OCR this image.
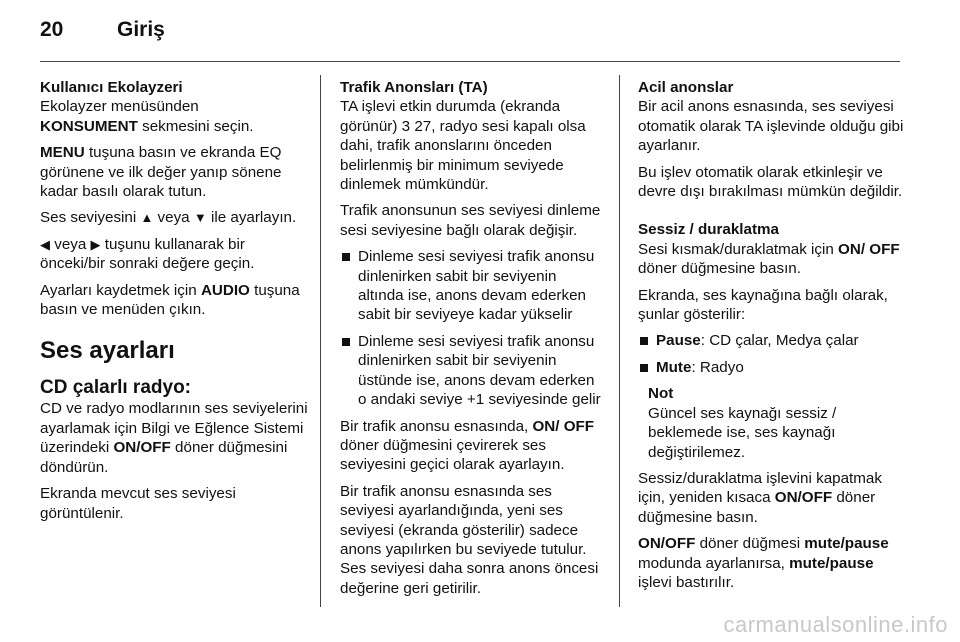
20	Giriş

Kullanıcı Ekolayzeri

Ekolayzer menüsünden
KONSUMENT sekmesini seçin.

MENU tuşuna basın ve ekranda EQ görünene ve ilk değer yanıp sönene kadar basılı olarak tutun.

Ses seviyesini ▲ veya ▼ ile ayarlayın.

◀ veya ▶ tuşunu kullanarak bir önceki/bir sonraki değere geçin.

Ayarları kaydetmek için AUDIO tuşuna basın ve menüden çıkın.

Ses ayarları
CD çalarlı radyo:

CD ve radyo modlarının ses seviyelerini ayarlamak için Bilgi ve Eğlence Sistemi üzerindeki ON/OFF döner düğmesini döndürün.

Ekranda mevcut ses seviyesi görüntülenir.

Trafik Anonsları (TA)

TA işlevi etkin durumda (ekranda görünür) 3 27, radyo sesi kapalı olsa dahi, trafik anonslarını önceden belirlenmiş bir minimum seviyede dinlemek mümkündür.

Trafik anonsunun ses seviyesi dinleme sesi seviyesine bağlı olarak değişir.

Dinleme sesi seviyesi trafik anonsu dinlenirken sabit bir seviyenin altında ise, anons devam ederken sabit bir seviyeye kadar yükselir
Dinleme sesi seviyesi trafik anonsu dinlenirken sabit bir seviyenin üstünde ise, anons devam ederken o andaki seviye +1 seviyesinde gelir

Bir trafik anonsu esnasında, ON/ OFF döner düğmesini çevirerek ses seviyesini geçici olarak ayarlayın.

Bir trafik anonsu esnasında ses seviyesi ayarlandığında, yeni ses seviyesi (ekranda gösterilir) sadece anons yapılırken bu seviyede tutulur. Ses seviyesi daha sonra anons öncesi değerine geri getirilir.

Acil anonslar

Bir acil anons esnasında, ses seviyesi otomatik olarak TA işlevinde olduğu gibi ayarlanır.

Bu işlev otomatik olarak etkinleşir ve devre dışı bırakılması mümkün değildir.

Sessiz / duraklatma

Sesi kısmak/duraklatmak için ON/ OFF döner düğmesine basın.

Ekranda, ses kaynağına bağlı olarak, şunlar gösterilir:

Pause: CD çalar, Medya çalar
Mute: Radyo

Not

Güncel ses kaynağı sessiz / beklemede ise, ses kaynağı değiştirilemez.

Sessiz/duraklatma işlevini kapatmak için, yeniden kısaca ON/OFF döner düğmesine basın.

ON/OFF döner düğmesi mute/pause modunda ayarlanırsa, mute/pause işlevi bastırılır.

carmanualsonline.info
